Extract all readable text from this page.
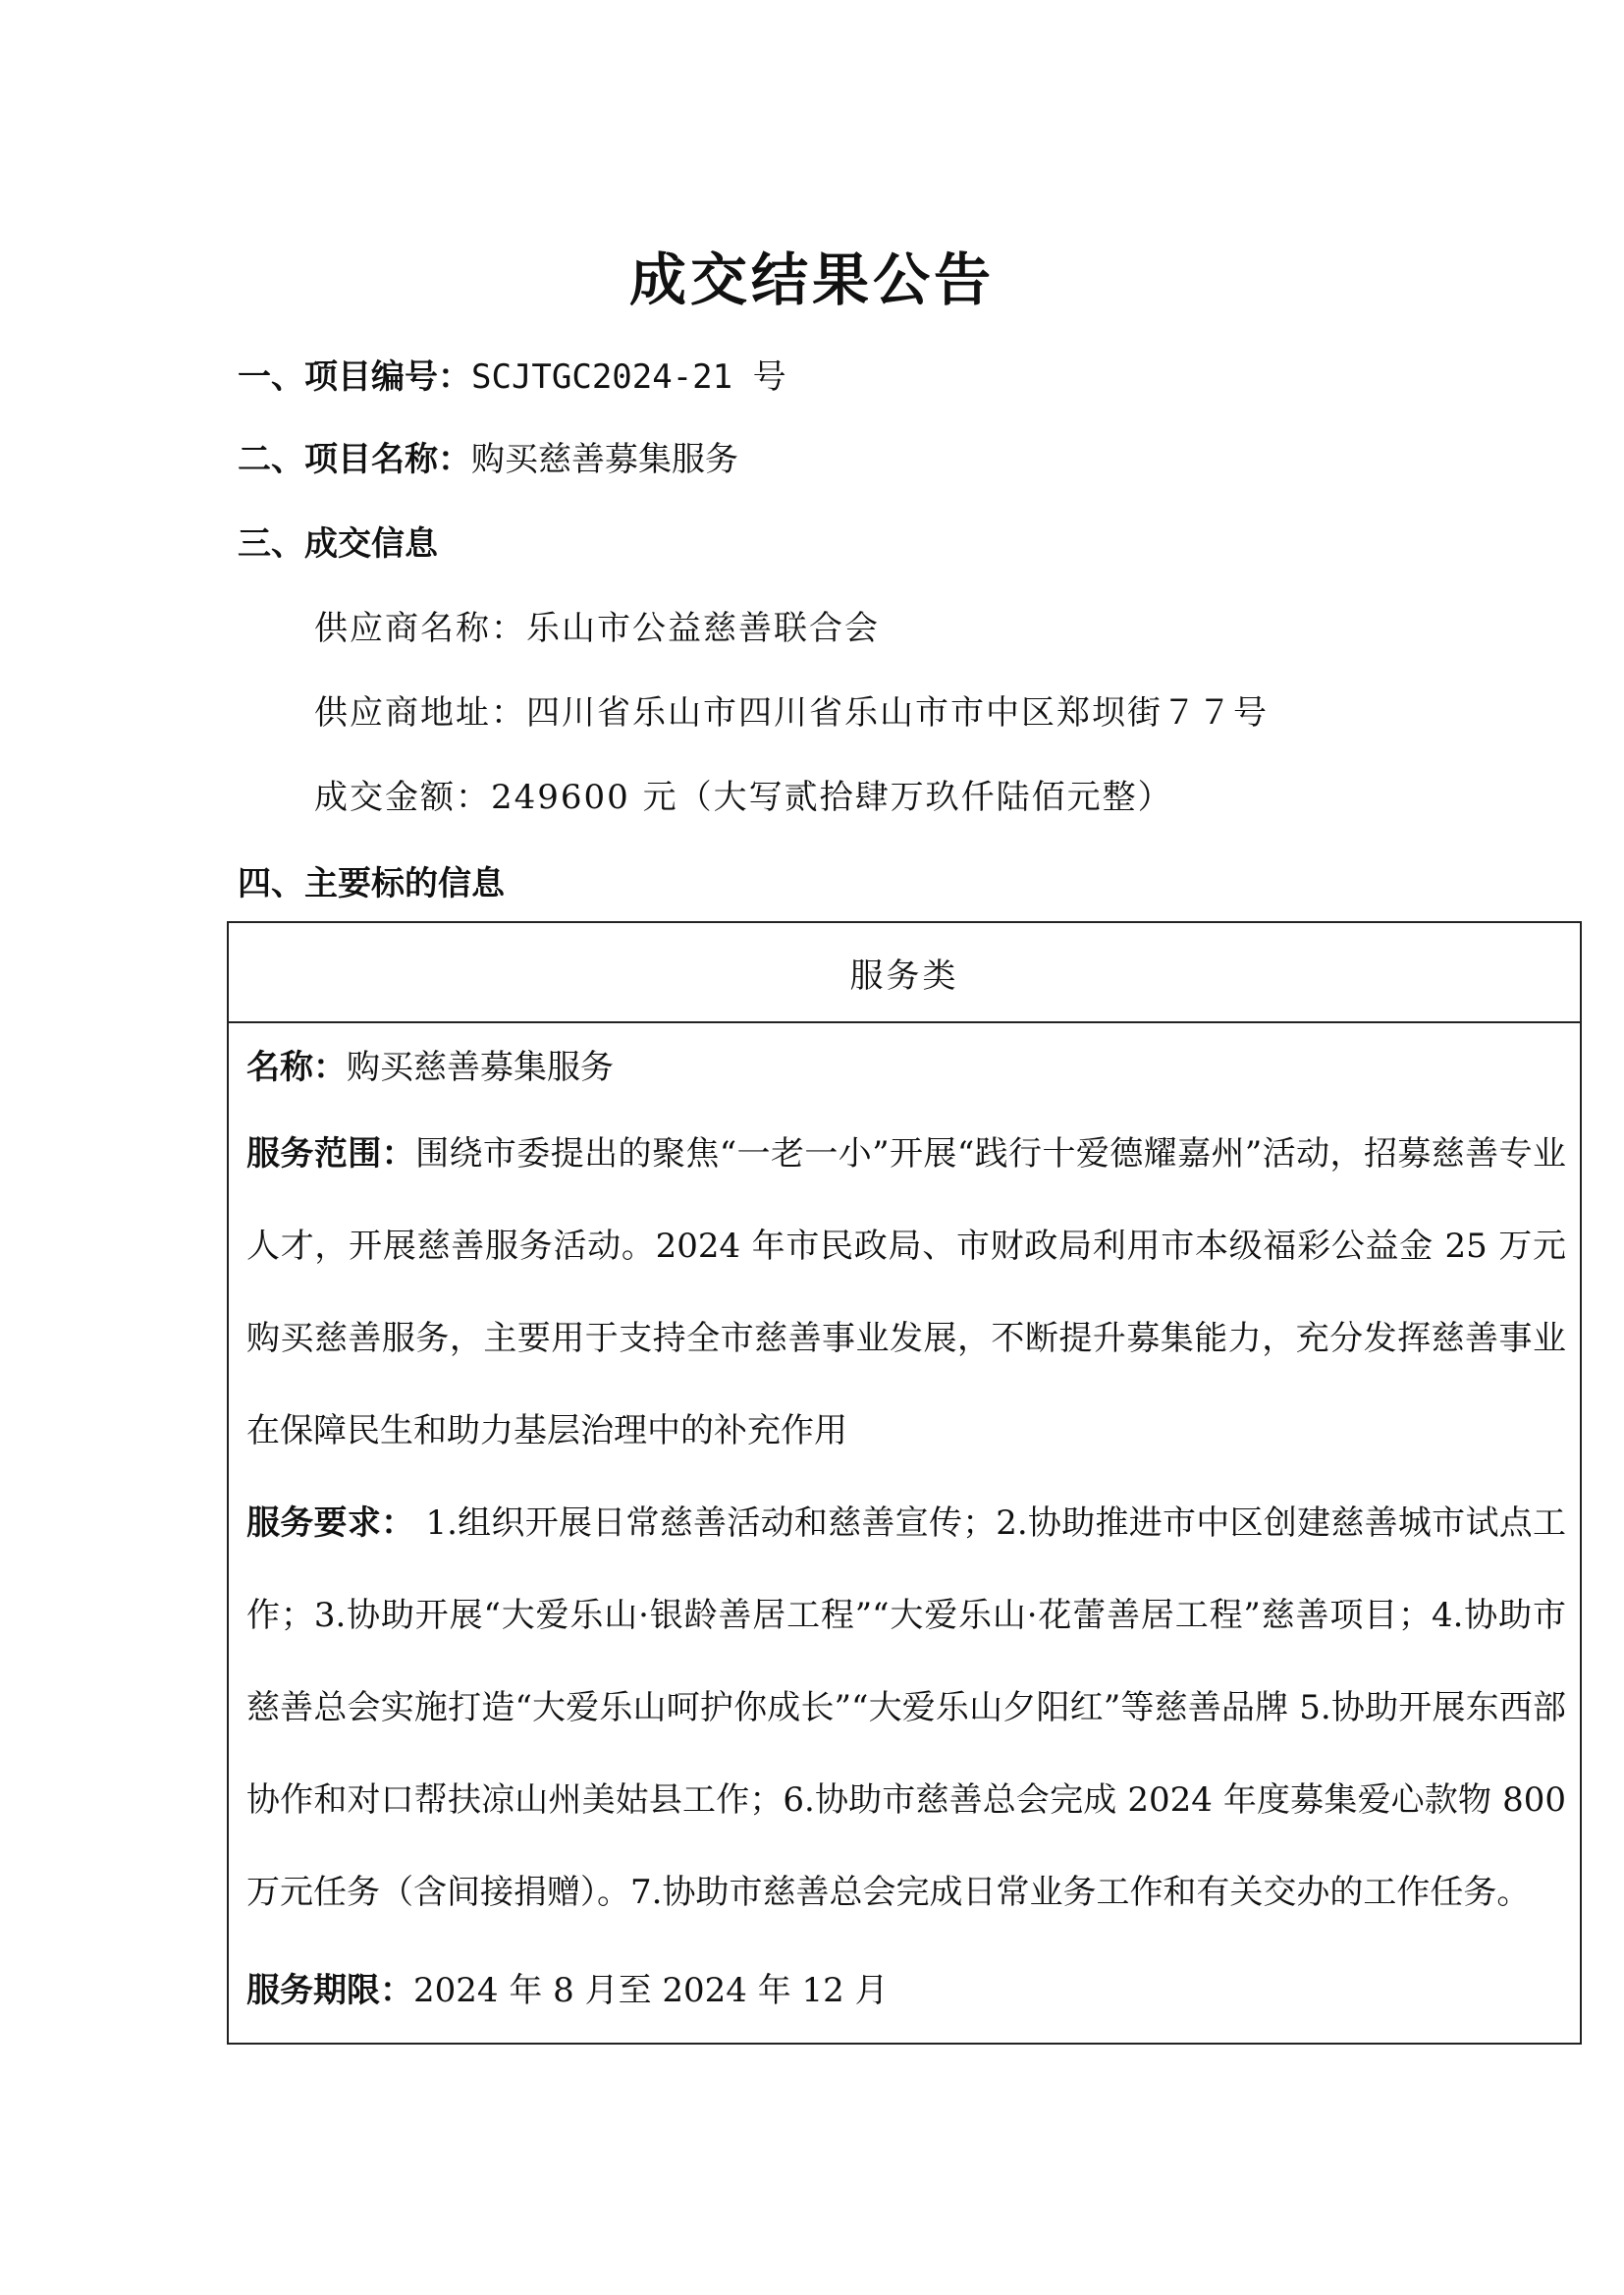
成交结果公告
一、项目编号：SCJTGC2024-21 号
二、项目名称：购买慈善募集服务
三、成交信息
供应商名称：乐山市公益慈善联合会
供应商地址：四川省乐山市四川省乐山市市中区郑坝街７７号
成交金额：249600 元（大写贰拾肆万玖仟陆佰元整）
四、主要标的信息
服务类
名称：购买慈善募集服务
服务范围：围绕市委提出的聚焦“一老一小”开展“践行十爱德耀嘉州”活动，招募慈善专业人才，开展慈善服务活动。2024 年市民政局、市财政局利用市本级福彩公益金 25 万元购买慈善服务，主要用于支持全市慈善事业发展，不断提升募集能力，充分发挥慈善事业在保障民生和助力基层治理中的补充作用
服务要求： 1.组织开展日常慈善活动和慈善宣传；2.协助推进市中区创建慈善城市试点工作；3.协助开展“大爱乐山·银龄善居工程”“大爱乐山·花蕾善居工程”慈善项目；4.协助市慈善总会实施打造“大爱乐山呵护你成长”“大爱乐山夕阳红”等慈善品牌 5.协助开展东西部协作和对口帮扶凉山州美姑县工作；6.协助市慈善总会完成 2024 年度募集爱心款物 800 万元任务（含间接捐赠）。7.协助市慈善总会完成日常业务工作和有关交办的工作任务。
服务期限：2024 年 8 月至 2024 年 12 月
